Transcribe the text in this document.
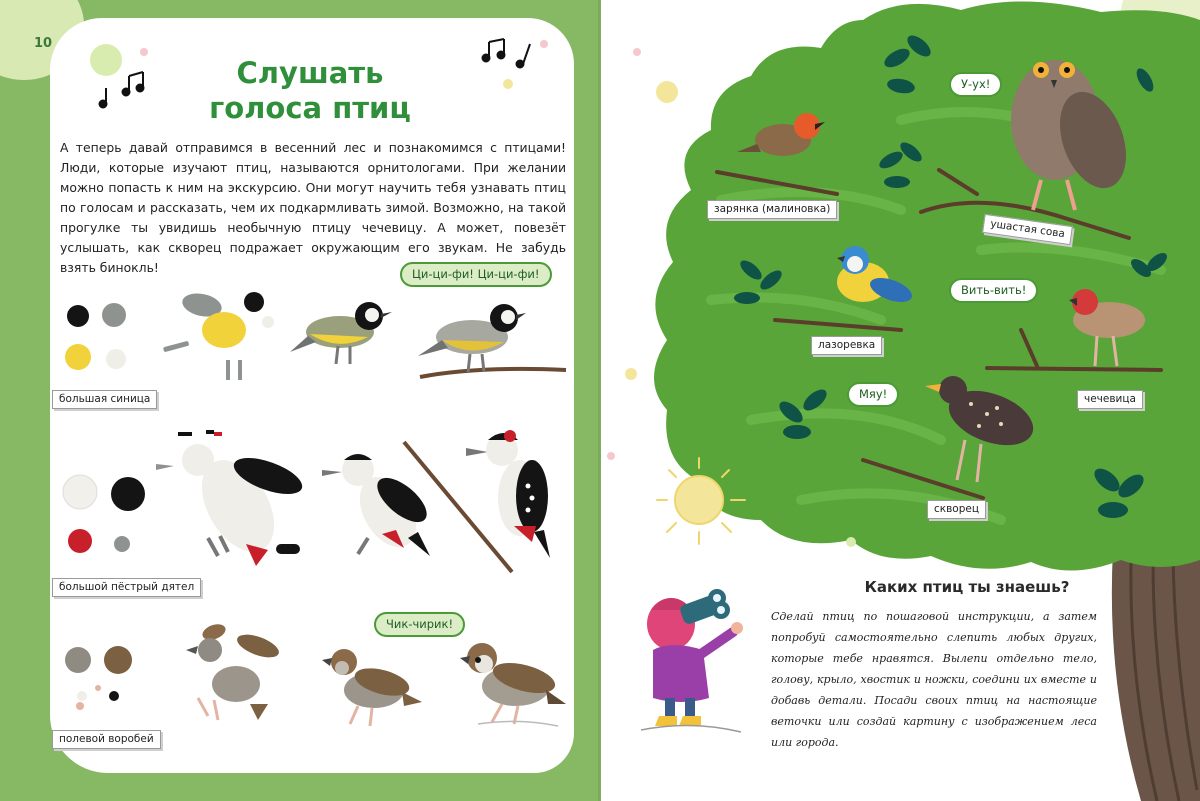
10
Слушать
голоса птиц

А теперь давай отправимся в весенний лес и познакомимся с птицами! Люди, которые изучают птиц, называются орнитологами. При желании можно попасть к ним на экскурсию. Они могут научить тебя узнавать птиц по голосам и рассказать, чем их подкармливать зимой. Возможно, на такой прогулке ты увидишь необычную птицу чечевицу. А может, повезёт услышать, как скворец подражает окружающим его звукам. Не забудь взять бинокль!	Ци-ци-фи! Ци-ци-фи!
большая синица
большой пёстрый дятел
Чик-чирик!
полевой воробей
зарянка (малиновка)
ушастая сова
лазоревка
чечевица
скворец
У-ух!
Вить-вить!
Мяу!
Каких птиц ты знаешь?

Сделай птиц по пошаговой инструкции, а затем попробуй самостоятельно слепить любых других, которые тебе нравятся. Вылепи отдельно тело, голову, крыло, хвостик и ножки, соедини их вместе и добавь детали. Посади своих птиц на настоящие веточки или создай картину с изображением леса или города.
